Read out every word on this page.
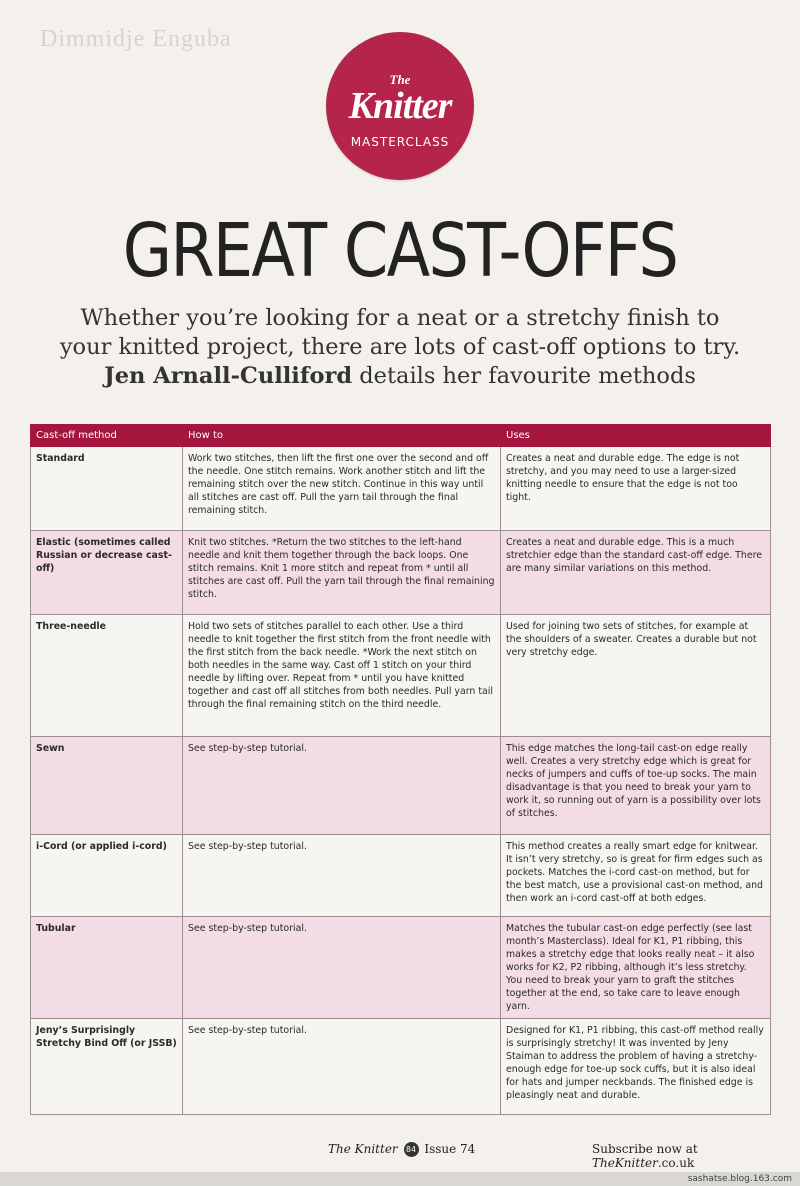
Dimmidje Enguba
The
Knitter
MASTERCLASS
GREAT CAST-OFFS
Whether you’re looking for a neat or a stretchy finish to
your knitted project, there are lots of cast-off options to try.
Jen Arnall-Culliford details her favourite methods
Cast-off method	How to	Uses
Standard	Work two stitches, then lift the first one over the second and off the needle. One stitch remains. Work another stitch and lift the remaining stitch over the new stitch. Continue in this way until all stitches are cast off. Pull the yarn tail through the final remaining stitch.	Creates a neat and durable edge. The edge is not stretchy, and you may need to use a larger-sized knitting needle to ensure that the edge is not too tight.
Elastic (sometimes called Russian or decrease cast-off)	Knit two stitches. *Return the two stitches to the left-hand needle and knit them together through the back loops. One stitch remains. Knit 1 more stitch and repeat from * until all stitches are cast off. Pull the yarn tail through the final remaining stitch.	Creates a neat and durable edge. This is a much stretchier edge than the standard cast-off edge. There are many similar variations on this method.
Three-needle	Hold two sets of stitches parallel to each other. Use a third needle to knit together the first stitch from the front needle with the first stitch from the back needle. *Work the next stitch on both needles in the same way. Cast off 1 stitch on your third needle by lifting over. Repeat from * until you have knitted together and cast off all stitches from both needles. Pull yarn tail through the final remaining stitch on the third needle.	Used for joining two sets of stitches, for example at the shoulders of a sweater. Creates a durable but not very stretchy edge.
Sewn	See step-by-step tutorial.	This edge matches the long-tail cast-on edge really well. Creates a very stretchy edge which is great for necks of jumpers and cuffs of toe-up socks. The main disadvantage is that you need to break your yarn to work it, so running out of yarn is a possibility over lots of stitches.
i-Cord (or applied i-cord)	See step-by-step tutorial.	This method creates a really smart edge for knitwear. It isn’t very stretchy, so is great for firm edges such as pockets. Matches the i-cord cast-on method, but for the best match, use a provisional cast-on method, and then work an i-cord cast-off at both edges.
Tubular	See step-by-step tutorial.	Matches the tubular cast-on edge perfectly (see last month’s Masterclass). Ideal for K1, P1 ribbing, this makes a stretchy edge that looks really neat – it also works for K2, P2 ribbing, although it’s less stretchy. You need to break your yarn to graft the stitches together at the end, so take care to leave enough yarn.
Jeny’s Surprisingly Stretchy Bind Off (or JSSB)	See step-by-step tutorial.	Designed for K1, P1 ribbing, this cast-off method really is surprisingly stretchy! It was invented by Jeny Staiman to address the problem of having a stretchy-enough edge for toe-up sock cuffs, but it is also ideal for hats and jumper neckbands. The finished edge is pleasingly neat and durable.
The Knitter 84 Issue 74	Subscribe now at TheKnitter.co.uk
sashatse.blog.163.com
